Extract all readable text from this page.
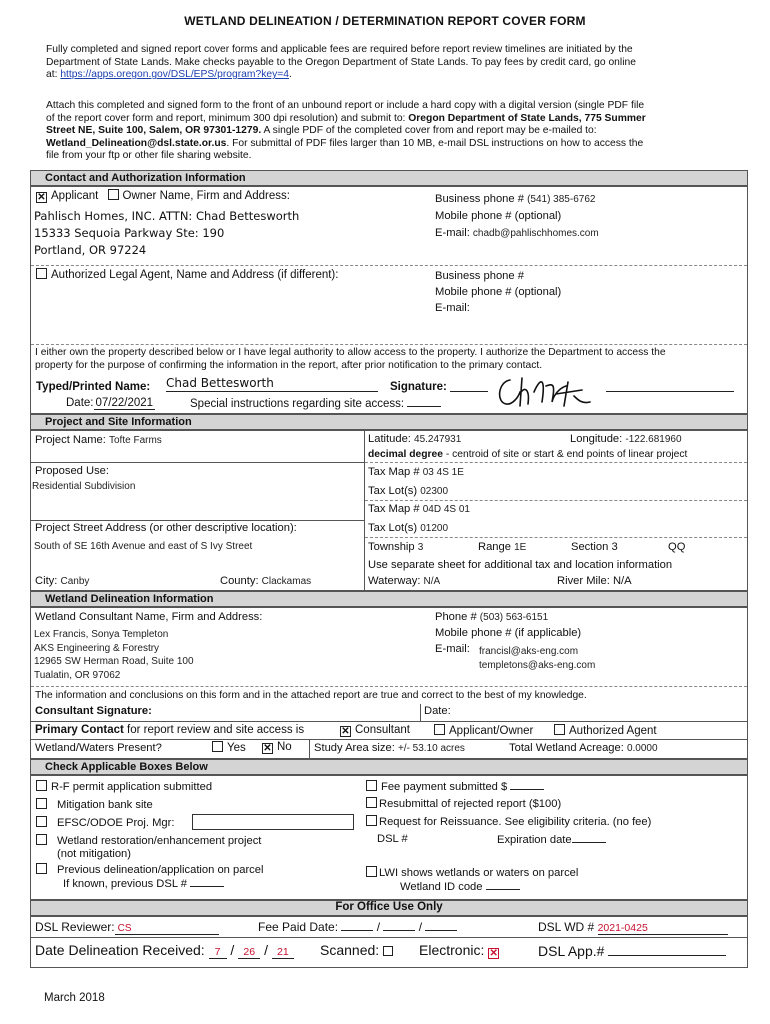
WETLAND DELINEATION / DETERMINATION REPORT COVER FORM
Fully completed and signed report cover forms and applicable fees are required before report review timelines are initiated by the
Department of State Lands. Make checks payable to the Oregon Department of State Lands. To pay fees by credit card, go online
at: https://apps.oregon.gov/DSL/EPS/program?key=4.
Attach this completed and signed form to the front of an unbound report or include a hard copy with a digital version (single PDF file
of the report cover form and report, minimum 300 dpi resolution) and submit to: Oregon Department of State Lands, 775 Summer
Street NE, Suite 100, Salem, OR 97301-1279. A single PDF of the completed cover from and report may be e-mailed to:
Wetland_Delineation@dsl.state.or.us. For submittal of PDF files larger than 10 MB, e-mail DSL instructions on how to access the
file from your ftp or other file sharing website.
Contact and Authorization Information
✕Applicant Owner Name, Firm and Address:
Pahlisch Homes, INC. ATTN: Chad Bettesworth
15333 Sequoia Parkway Ste: 190
Portland, OR 97224
Business phone # (541) 385-6762
Mobile phone # (optional)
E-mail: chadb@pahlischhomes.com
Authorized Legal Agent, Name and Address (if different):	Business phone #
Mobile phone # (optional)
E-mail:
I either own the property described below or I have legal authority to allow access to the property. I authorize the Department to access the
property for the purpose of confirming the information in the report, after prior notification to the primary contact.
Typed/Printed Name: Chad Bettesworth	Signature:
Date: 07/22/2021	Special instructions regarding site access:
Project and Site Information
Project Name: Tofte Farms	Latitude: 45.247931	Longitude: -122.681960
decimal degree - centroid of site or start & end points of linear project
Proposed Use:
Residential Subdivision
Tax Map # 03 4S 1E
Tax Lot(s) 02300
Tax Map # 04D 4S 01
Tax Lot(s) 01200
Project Street Address (or other descriptive location):
South of SE 16th Avenue and east of S Ivy Street	Township 3	Range 1E	Section 3	QQ
Use separate sheet for additional tax and location information
City: Canby	County: Clackamas	Waterway: N/A	River Mile: N/A
Wetland Delineation Information
Wetland Consultant Name, Firm and Address:
Lex Francis, Sonya Templeton
AKS Engineering & Forestry
12965 SW Herman Road, Suite 100
Tualatin, OR 97062
Phone # (503) 563-6151
Mobile phone # (if applicable)
E-mail: francisl@aks-eng.com
templetons@aks-eng.com
The information and conclusions on this form and in the attached report are true and correct to the best of my knowledge.
Consultant Signature:	Date:
Primary Contact for report review and site access is ✕	Consultant	Applicant/Owner	Authorized Agent
Wetland/Waters Present?	Yes ✕	No Study Area size: +/- 53.10 acres	Total Wetland Acreage: 0.0000
Check Applicable Boxes Below
R-F permit application submitted
Mitigation bank site
EFSC/ODOE Proj. Mgr:
Wetland restoration/enhancement project
(not mitigation)
Previous delineation/application on parcel
If known, previous DSL #
Fee payment submitted $
Resubmittal of rejected report ($100)
Request for Reissuance. See eligibility criteria. (no fee)
DSL #	Expiration date
LWI shows wetlands or waters on parcel
Wetland ID code
For Office Use Only
DSL Reviewer: CS	Fee Paid Date:	/	/	DSL WD # 2021-0425
Date Delineation Received: 7 / 26 / 21	Scanned:	Electronic: ✕	DSL App.#
March 2018
